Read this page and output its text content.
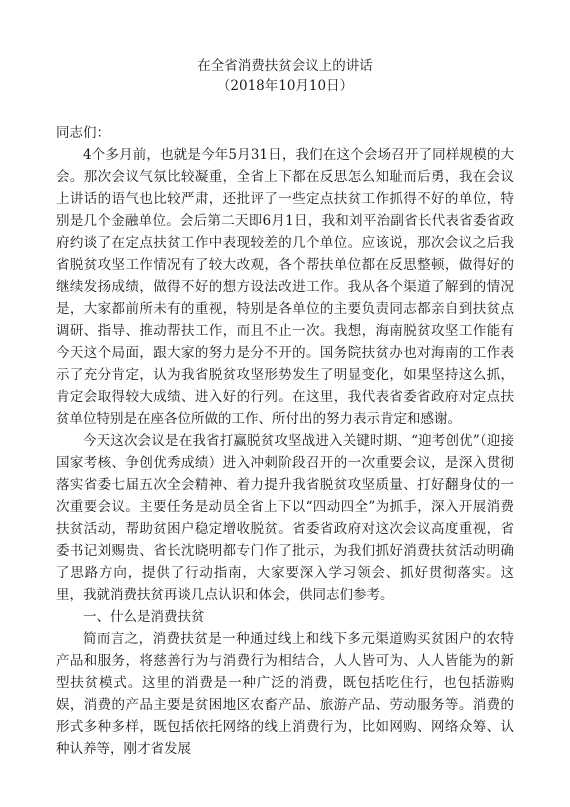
在全省消费扶贫会议上的讲话

（2018年10月10日）

同志们：

4个多月前，也就是今年5月31日，我们在这个会场召开了同样规模的大会。那次会议气氛比较凝重，全省上下都在反思怎么知耻而后勇，我在会议上讲话的语气也比较严肃，还批评了一些定点扶贫工作抓得不好的单位，特别是几个金融单位。会后第二天即6月1日，我和刘平治副省长代表省委省政府约谈了在定点扶贫工作中表现较差的几个单位。应该说，那次会议之后我省脱贫攻坚工作情况有了较大改观，各个帮扶单位都在反思整顿，做得好的继续发扬成绩，做得不好的想方设法改进工作。我从各个渠道了解到的情况是，大家都前所未有的重视，特别是各单位的主要负责同志都亲自到扶贫点调研、指导、推动帮扶工作，而且不止一次。我想，海南脱贫攻坚工作能有今天这个局面，跟大家的努力是分不开的。国务院扶贫办也对海南的工作表示了充分肯定，认为我省脱贫攻坚形势发生了明显变化，如果坚持这么抓，肯定会取得较大成绩、进入好的行列。在这里，我代表省委省政府对定点扶贫单位特别是在座各位所做的工作、所付出的努力表示肯定和感谢。

今天这次会议是在我省打赢脱贫攻坚战进入关键时期、“迎考创优”（迎接国家考核、争创优秀成绩）进入冲刺阶段召开的一次重要会议，是深入贯彻落实省委七届五次全会精神、着力提升我省脱贫攻坚质量、打好翻身仗的一次重要会议。主要任务是动员全省上下以“四动四全”为抓手，深入开展消费扶贫活动，帮助贫困户稳定增收脱贫。省委省政府对这次会议高度重视，省委书记刘赐贵、省长沈晓明都专门作了批示，为我们抓好消费扶贫活动明确了思路方向，提供了行动指南，大家要深入学习领会、抓好贯彻落实。这里，我就消费扶贫再谈几点认识和体会，供同志们参考。

一、什么是消费扶贫

简而言之，消费扶贫是一种通过线上和线下多元渠道购买贫困户的农特产品和服务，将慈善行为与消费行为相结合，人人皆可为、人人皆能为的新型扶贫模式。这里的消费是一种广泛的消费，既包括吃住行，也包括游购娱，消费的产品主要是贫困地区农畜产品、旅游产品、劳动服务等。消费的形式多种多样，既包括依托网络的线上消费行为，比如网购、网络众筹、认种认养等，刚才省发展
